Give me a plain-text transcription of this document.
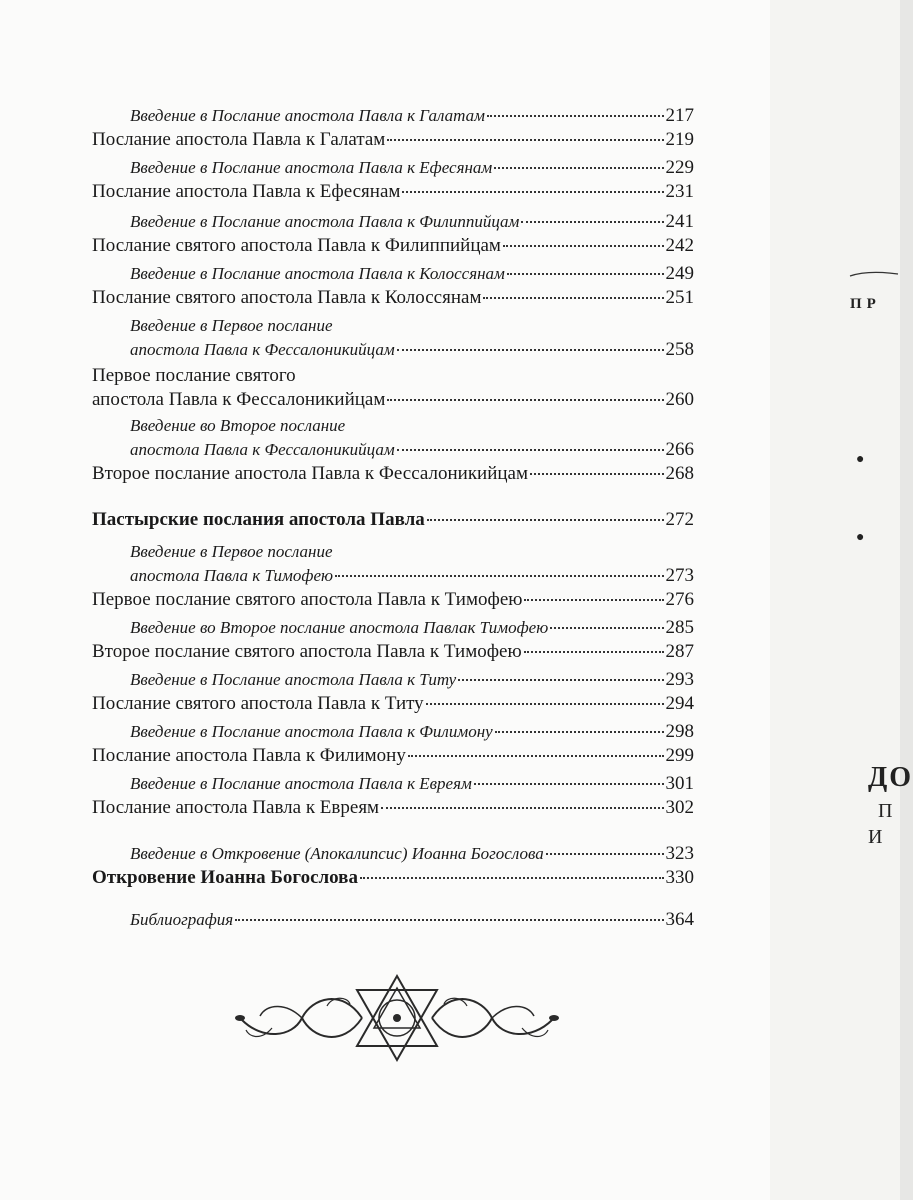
ПР
●
●
ДО
П
И
Введение в Послание апостола Павла к Галатам	217
Послание апостола Павла к Галатам	219
Введение в Послание апостола Павла к Ефесянам	229
Послание апостола Павла к Ефесянам	231
Введение в Послание апостола Павла к Филиппийцам	241
Послание святого апостола Павла к Филиппийцам	242
Введение в Послание апостола Павла к Колоссянам	249
Послание святого апостола Павла к Колоссянам	251
Введение в Первое послание
апостола Павла к Фессалоникийцам	258
Первое послание святого
апостола Павла к Фессалоникийцам	260
Введение во Второе послание
апостола Павла к Фессалоникийцам	266
Второе послание апостола Павла к Фессалоникийцам	268
Пастырские послания апостола Павла	272
Введение в Первое послание
апостола Павла к Тимофею	273
Первое послание святого апостола Павла к Тимофею	276
Введение во Второе послание апостола Павлак Тимофею	285
Второе послание святого апостола Павла к Тимофею	287
Введение в Послание апостола Павла к Титу	293
Послание святого апостола Павла к Титу	294
Введение в Послание апостола Павла к Филимону	298
Послание апостола Павла к Филимону	299
Введение в Послание апостола Павла к Евреям	301
Послание апостола Павла к Евреям	302
Введение в Откровение (Апокалипсис) Иоанна Богослова	323
Откровение Иоанна Богослова	330
Библиография	364
